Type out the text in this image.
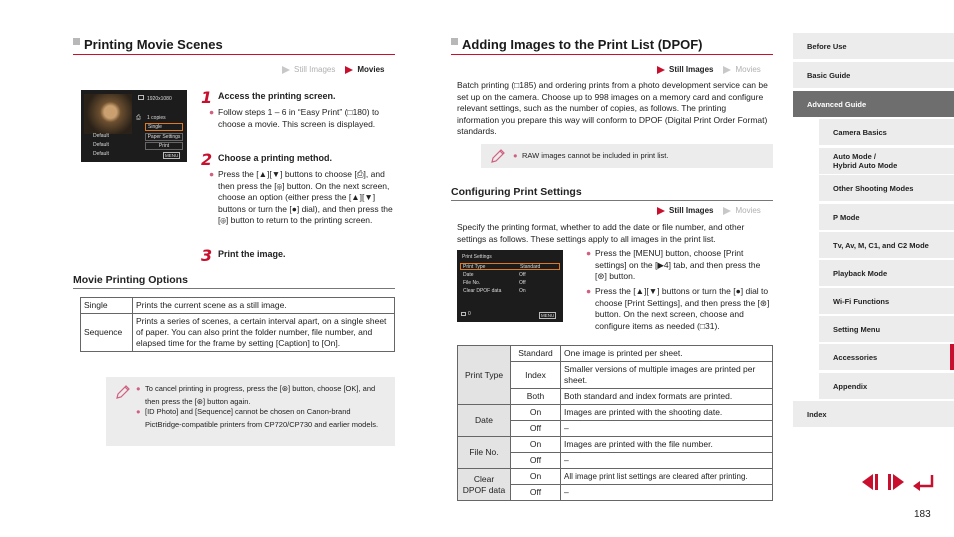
Printing Movie Scenes
Still Images	Movies
1920x1080
⎙ 1 copies
Single
Paper Settings
Print
Default
Default
Default	MENU
1 Access the printing screen.
● Follow steps 1 – 6 in “Easy Print” (□180) to choose a movie. This screen is displayed.
2 Choose a printing method.
● Press the [▲][▼] buttons to choose [⎙], and then press the [⊛] button. On the next screen, choose an option (either press the [▲][▼] buttons or turn the [●] dial), and then press the [⊛] button to return to the printing screen.
3 Print the image.
Movie Printing Options
Single	Prints the current scene as a still image.
Sequence	Prints a series of scenes, a certain interval apart, on a single sheet of paper. You can also print the folder number, file number, and elapsed time for the frame by setting [Caption] to [On].
● To cancel printing in progress, press the [⊛] button, choose [OK], and then press the [⊛] button again.
● [ID Photo] and [Sequence] cannot be chosen on Canon-brand PictBridge-compatible printers from CP720/CP730 and earlier models.
Adding Images to the Print List (DPOF)
Still Images	Movies
Batch printing (□185) and ordering prints from a photo development service can be set up on the camera. Choose up to 998 images on a memory card and configure relevant settings, such as the number of copies, as follows. The printing information you prepare this way will conform to DPOF (Digital Print Order Format) standards.
● RAW images cannot be included in print list.
Configuring Print Settings
Still Images	Movies
Specify the printing format, whether to add the date or file number, and other settings as follows. These settings apply to all images in the print list.
Print Settings
Print Type	Standard
Date	Off
File No.	Off
Clear DPOF data	On
0	MENU
● Press the [MENU] button, choose [Print settings] on the [▶4] tab, and then press the [⊛] button.
● Press the [▲][▼] buttons or turn the [●] dial to choose [Print Settings], and then press the [⊛] button. On the next screen, choose and configure items as needed (□31).
Print Type	Standard	One image is printed per sheet.
	Index	Smaller versions of multiple images are printed per sheet.
	Both	Both standard and index formats are printed.
Date	On	Images are printed with the shooting date.
	Off	–
File No.	On	Images are printed with the file number.
	Off	–
Clear DPOF data	On	All image print list settings are cleared after printing.
	Off	–
Before Use
Basic Guide
Advanced Guide
Camera Basics
Auto Mode /
Hybrid Auto Mode
Other Shooting Modes
P Mode
Tv, Av, M, C1, and C2 Mode
Playback Mode
Wi-Fi Functions
Setting Menu
Accessories
Appendix
Index
183
